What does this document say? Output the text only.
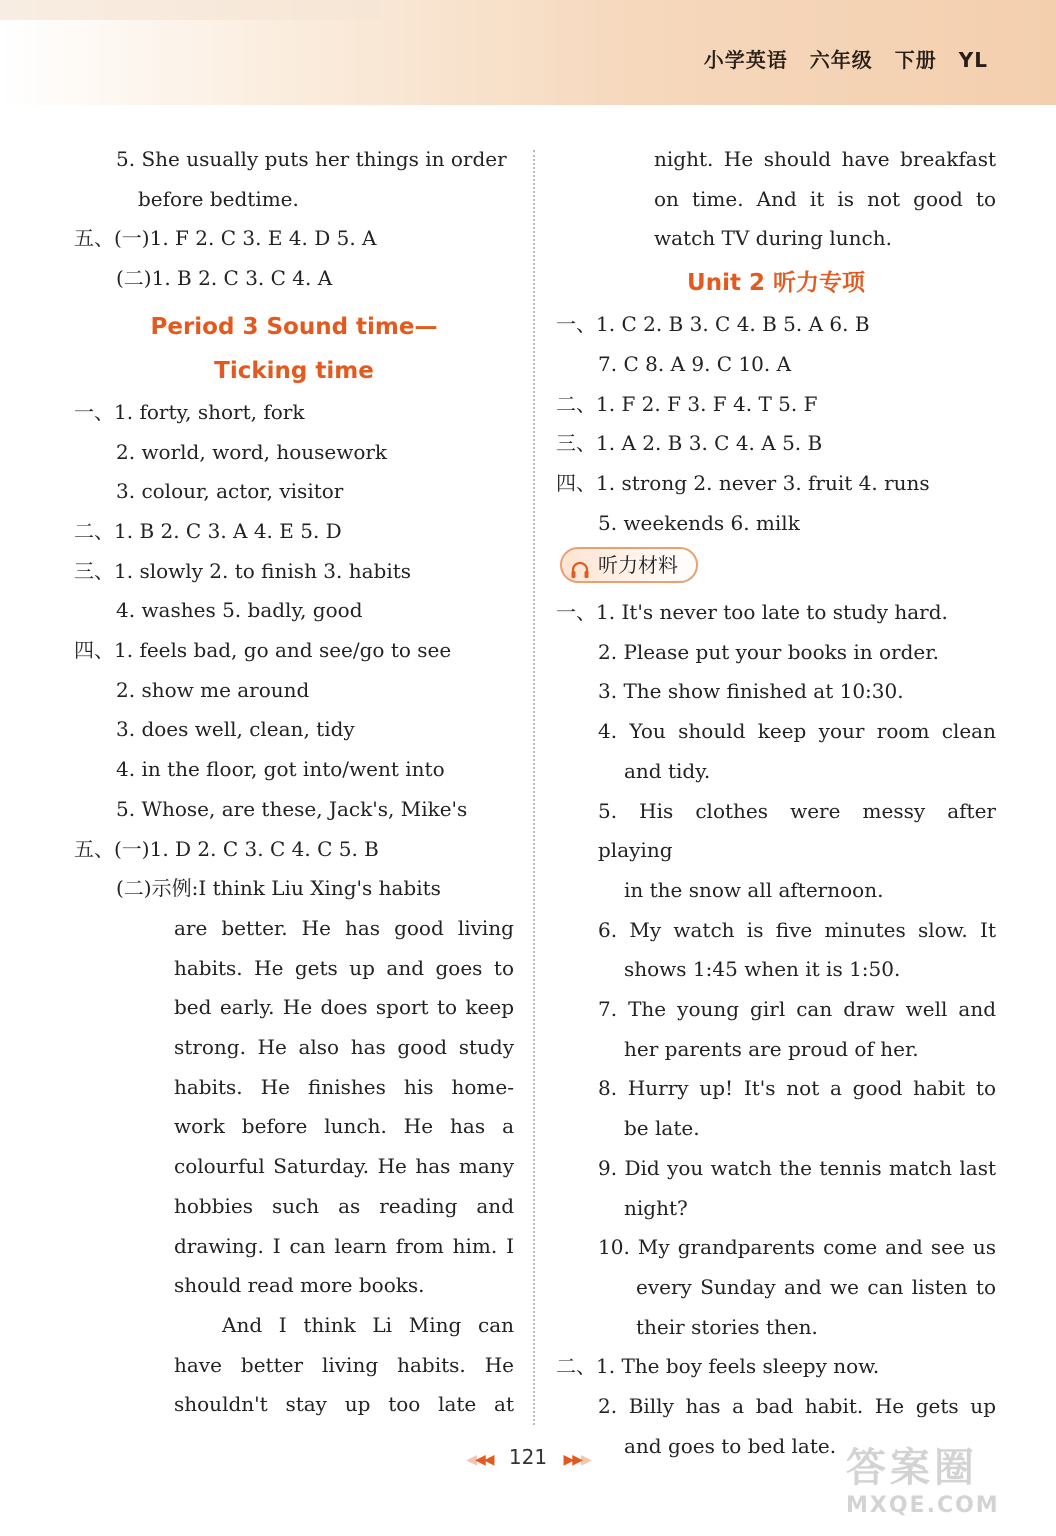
小学英语 六年级 下册 YL
5. She usually puts her things in order
before bedtime.
五、(一)1. F 2. C 3. E 4. D 5. A
(二)1. B 2. C 3. C 4. A
Period 3 Sound time—
Ticking time
一、1. forty, short, fork
2. world, word, housework
3. colour, actor, visitor
二、1. B 2. C 3. A 4. E 5. D
三、1. slowly 2. to finish 3. habits
4. washes 5. badly, good
四、1. feels bad, go and see/go to see
2. show me around
3. does well, clean, tidy
4. in the floor, got into/went into
5. Whose, are these, Jack's, Mike's
五、(一)1. D 2. C 3. C 4. C 5. B
(二)示例:I think Liu Xing's habits
are better. He has good living
habits. He gets up and goes to
bed early. He does sport to keep
strong. He also has good study
habits. He finishes his home-
work before lunch. He has a
colourful Saturday. He has many
hobbies such as reading and
drawing. I can learn from him. I
should read more books.
And I think Li Ming can
have better living habits. He
shouldn't stay up too late at
night. He should have breakfast
on time. And it is not good to
watch TV during lunch.
Unit 2 听力专项
一、1. C 2. B 3. C 4. B 5. A 6. B
7. C 8. A 9. C 10. A
二、1. F 2. F 3. F 4. T 5. F
三、1. A 2. B 3. C 4. A 5. B
四、1. strong 2. never 3. fruit 4. runs
5. weekends 6. milk
听力材料
一、1. It's never too late to study hard.
2. Please put your books in order.
3. The show finished at 10:30.
4. You should keep your room clean
and tidy.
5. His clothes were messy after playing
in the snow all afternoon.
6. My watch is five minutes slow. It
shows 1:45 when it is 1:50.
7. The young girl can draw well and
her parents are proud of her.
8. Hurry up! It's not a good habit to
be late.
9. Did you watch the tennis match last
night?
10. My grandparents come and see us
every Sunday and we can listen to
their stories then.
二、1. The boy feels sleepy now.
2. Billy has a bad habit. He gets up
and goes to bed late.
◀◀◀ 121 ▶▶▶	答案圈
MXQE.COM
